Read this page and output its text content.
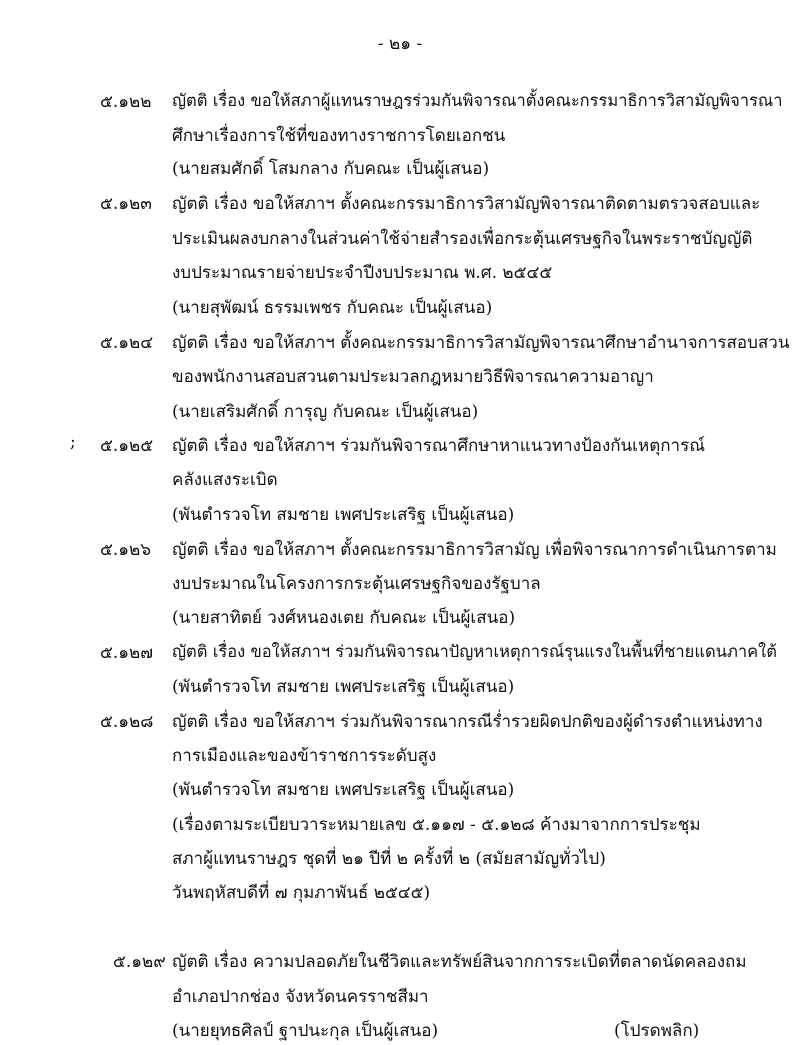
- ๒๑ -
;
๕.๑๒๒	ญัตติ เรื่อง ขอให้สภาผู้แทนราษฎรร่วมกันพิจารณาตั้งคณะกรรมาธิการวิสามัญพิจารณา
ศึกษาเรื่องการใช้ที่ของทางราชการโดยเอกชน
(นายสมศักดิ์ โสมกลาง กับคณะ เป็นผู้เสนอ)
๕.๑๒๓	ญัตติ เรื่อง ขอให้สภาฯ ตั้งคณะกรรมาธิการวิสามัญพิจารณาติดตามตรวจสอบและ
ประเมินผลงบกลางในส่วนค่าใช้จ่ายสำรองเพื่อกระตุ้นเศรษฐกิจในพระราชบัญญัติ
งบประมาณรายจ่ายประจำปีงบประมาณ พ.ศ. ๒๕๔๕
(นายสุพัฒน์ ธรรมเพชร กับคณะ เป็นผู้เสนอ)
๕.๑๒๔	ญัตติ เรื่อง ขอให้สภาฯ ตั้งคณะกรรมาธิการวิสามัญพิจารณาศึกษาอำนาจการสอบสวน
ของพนักงานสอบสวนตามประมวลกฎหมายวิธีพิจารณาความอาญา
(นายเสริมศักดิ์ การุญ กับคณะ เป็นผู้เสนอ)
๕.๑๒๕	ญัตติ เรื่อง ขอให้สภาฯ ร่วมกันพิจารณาศึกษาหาแนวทางป้องกันเหตุการณ์
คลังแสงระเบิด
(พันตำรวจโท สมชาย เพศประเสริฐ เป็นผู้เสนอ)
๕.๑๒๖	ญัตติ เรื่อง ขอให้สภาฯ ตั้งคณะกรรมาธิการวิสามัญ เพื่อพิจารณาการดำเนินการตาม
งบประมาณในโครงการกระตุ้นเศรษฐกิจของรัฐบาล
(นายสาทิตย์ วงศ์หนองเตย กับคณะ เป็นผู้เสนอ)
๕.๑๒๗	ญัตติ เรื่อง ขอให้สภาฯ ร่วมกันพิจารณาปัญหาเหตุการณ์รุนแรงในพื้นที่ชายแดนภาคใต้
(พันตำรวจโท สมชาย เพศประเสริฐ เป็นผู้เสนอ)
๕.๑๒๘	ญัตติ เรื่อง ขอให้สภาฯ ร่วมกันพิจารณากรณีร่ำรวยผิดปกติของผู้ดำรงตำแหน่งทาง
การเมืองและของข้าราชการระดับสูง
(พันตำรวจโท สมชาย เพศประเสริฐ เป็นผู้เสนอ)
(เรื่องตามระเบียบวาระหมายเลข ๕.๑๑๗ - ๕.๑๒๘ ค้างมาจากการประชุม
สภาผู้แทนราษฎร ชุดที่ ๒๑ ปีที่ ๒ ครั้งที่ ๒ (สมัยสามัญทั่วไป)
วันพฤหัสบดีที่ ๗ กุมภาพันธ์ ๒๕๔๕)
๕.๑๒๙ ญัตติ เรื่อง ความปลอดภัยในชีวิตและทรัพย์สินจากการระเบิดที่ตลาดนัดคลองถม
อำเภอปากช่อง จังหวัดนครราชสีมา
(นายยุทธศิลป์ ฐาปนะกุล เป็นผู้เสนอ)	(โปรดพลิก)
